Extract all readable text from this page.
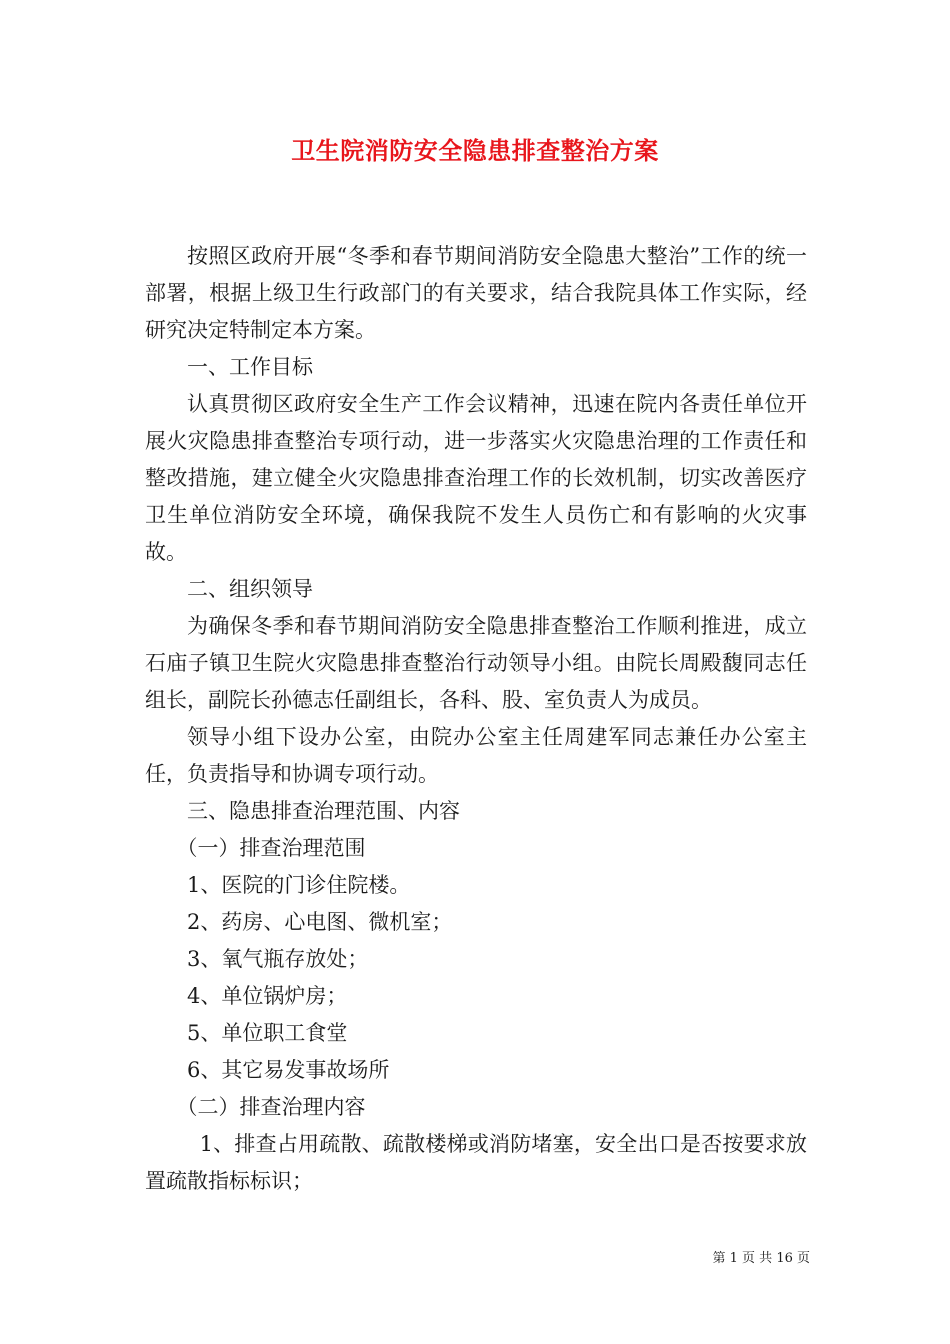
卫生院消防安全隐患排查整治方案

按照区政府开展“冬季和春节期间消防安全隐患大整治”工作的统一部署，根据上级卫生行政部门的有关要求，结合我院具体工作实际，经研究决定特制定本方案。

一、工作目标

认真贯彻区政府安全生产工作会议精神，迅速在院内各责任单位开展火灾隐患排查整治专项行动，进一步落实火灾隐患治理的工作责任和整改措施，建立健全火灾隐患排查治理工作的长效机制，切实改善医疗卫生单位消防安全环境，确保我院不发生人员伤亡和有影响的火灾事故。

二、组织领导

为确保冬季和春节期间消防安全隐患排查整治工作顺利推进，成立石庙子镇卫生院火灾隐患排查整治行动领导小组。由院长周殿馥同志任组长，副院长孙德志任副组长，各科、股、室负责人为成员。

领导小组下设办公室，由院办公室主任周建军同志兼任办公室主任，负责指导和协调专项行动。

三、隐患排查治理范围、内容

（一）排查治理范围

1、医院的门诊住院楼。

2、药房、心电图、微机室；

3、氧气瓶存放处；

4、单位锅炉房；

5、单位职工食堂

6、其它易发事故场所

（二）排查治理内容

1、排查占用疏散、疏散楼梯或消防堵塞，安全出口是否按要求放置疏散指标标识；

第 1 页 共 16 页
